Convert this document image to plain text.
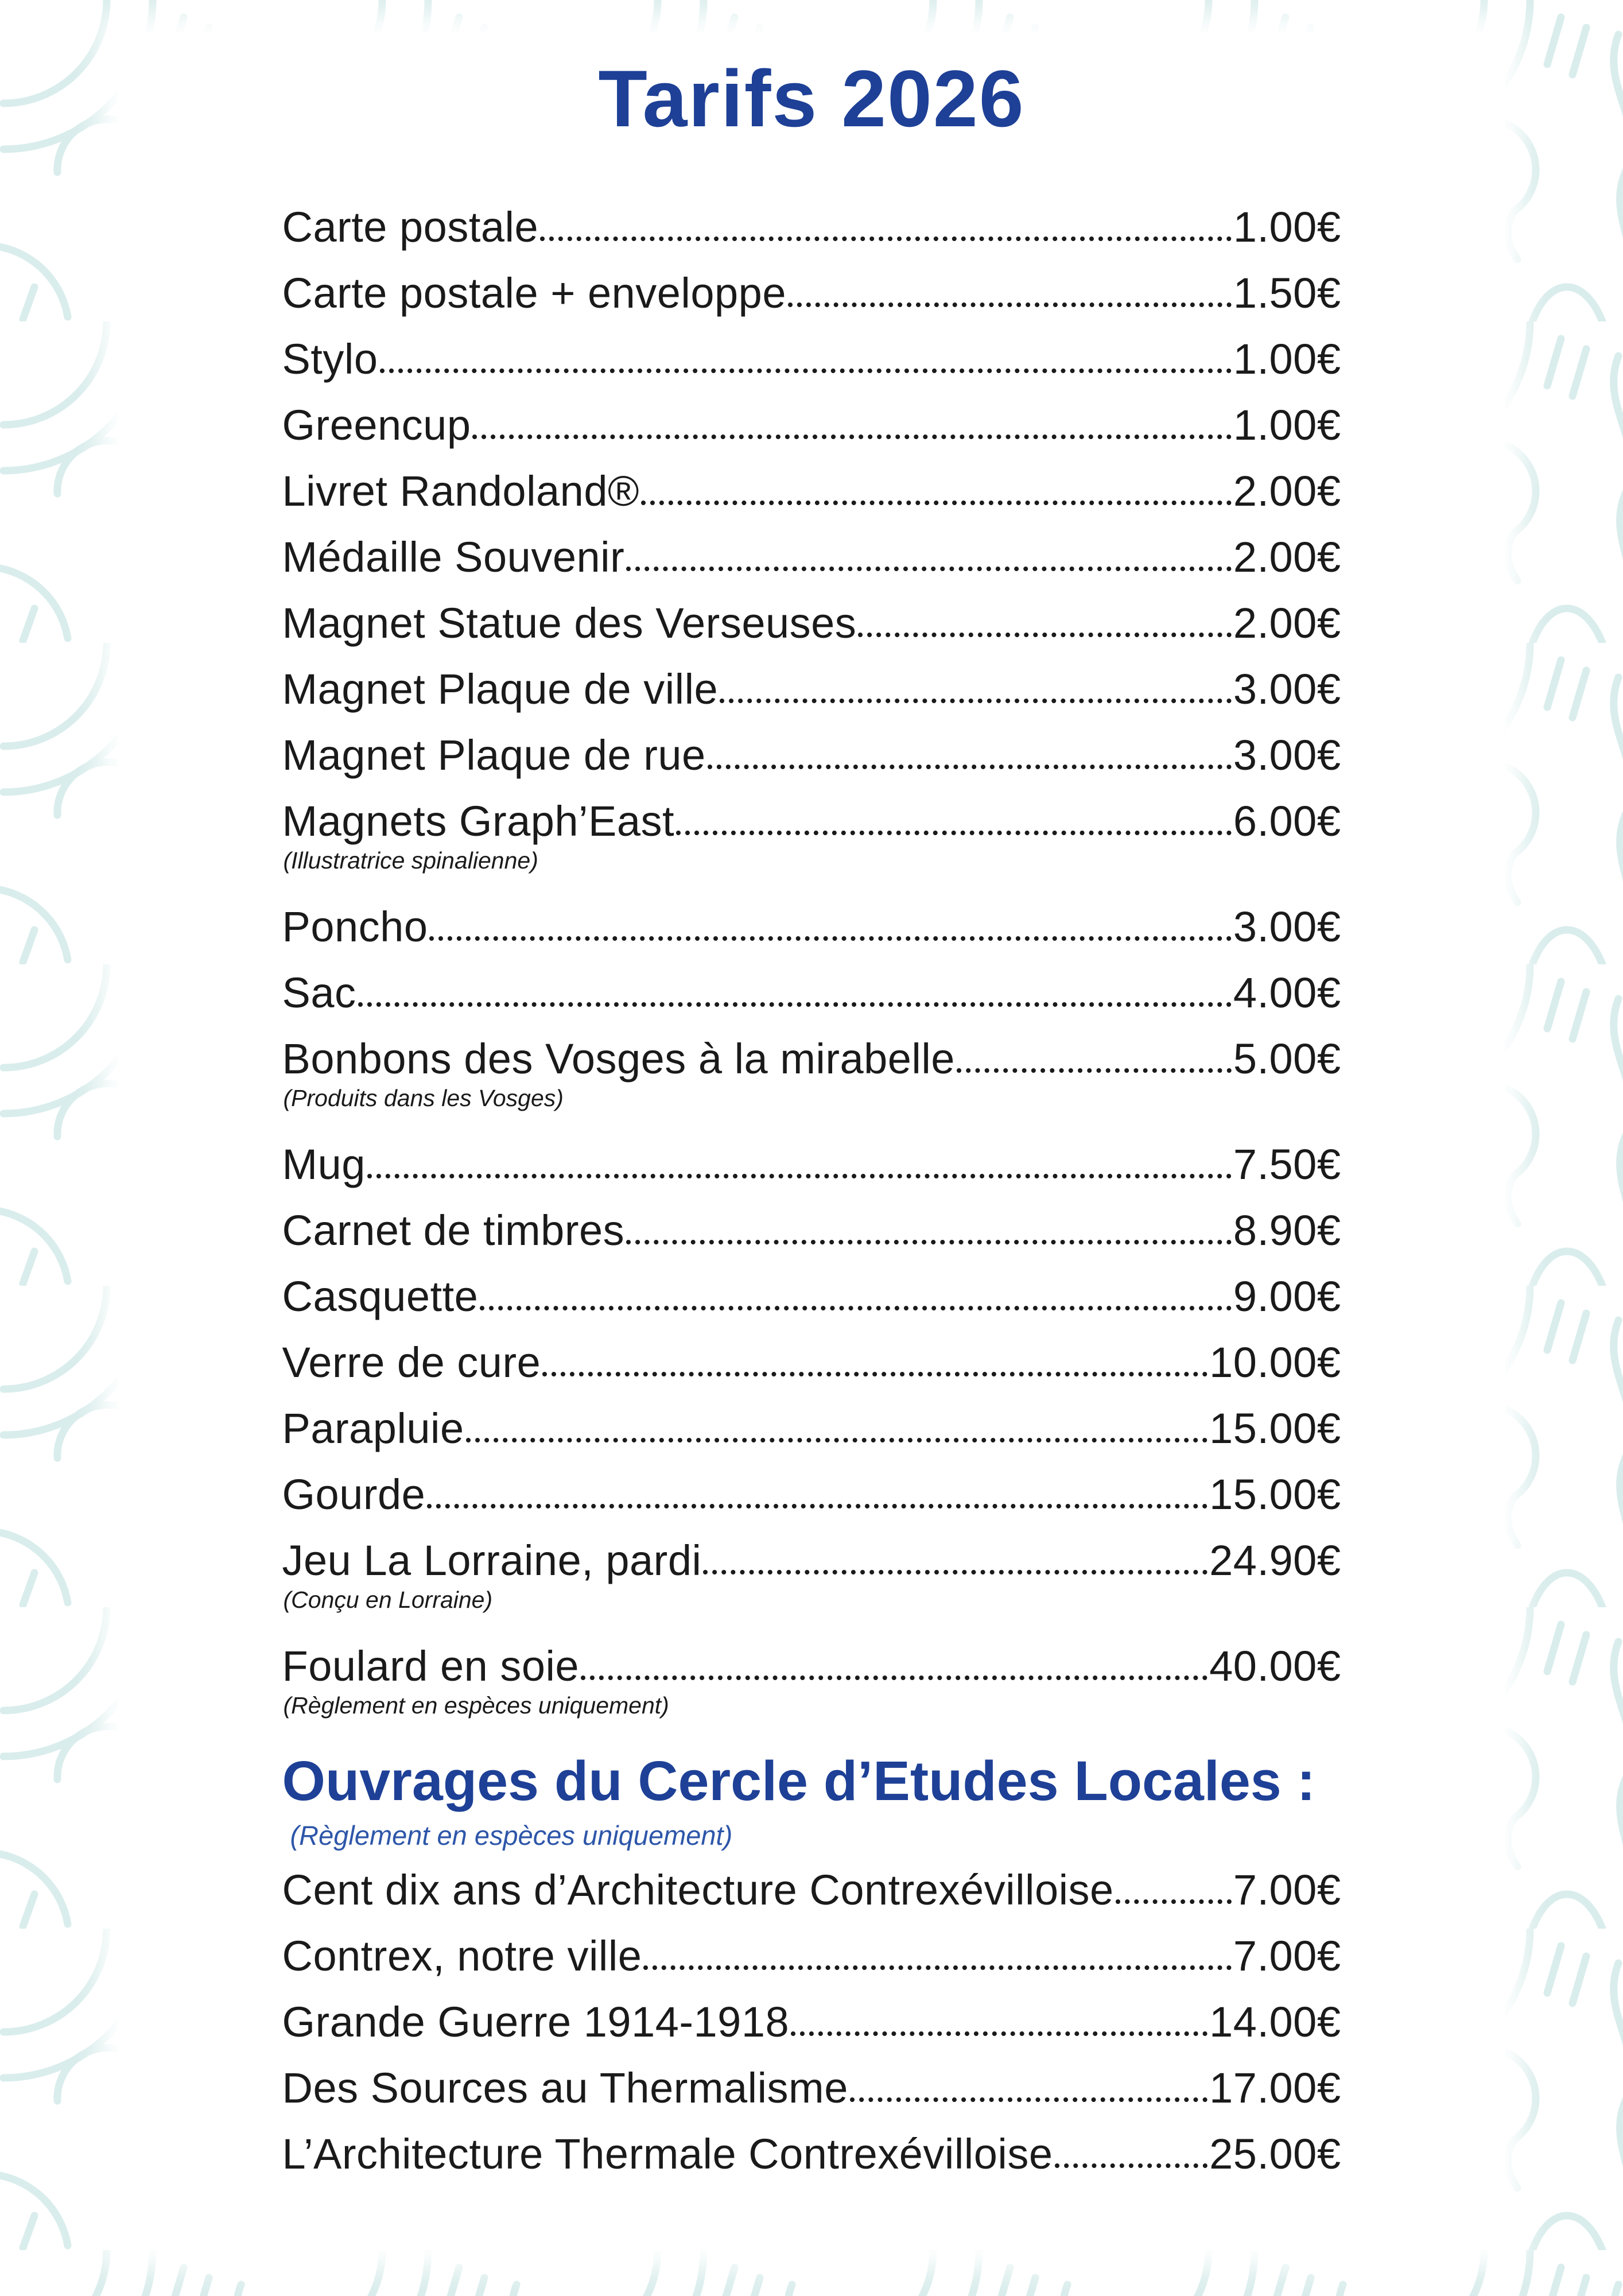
Tarifs 2026
Carte postale	1.00€
Carte postale + enveloppe	1.50€
Stylo	1.00€
Greencup	1.00€
Livret Randoland®	2.00€
Médaille Souvenir	2.00€
Magnet Statue des Verseuses	2.00€
Magnet Plaque de ville	3.00€
Magnet Plaque de rue	3.00€
Magnets Graph’East	6.00€
(Illustratrice spinalienne)
Poncho	3.00€
Sac	4.00€
Bonbons des Vosges à la mirabelle	5.00€
(Produits dans les Vosges)
Mug	7.50€
Carnet de timbres	8.90€
Casquette	9.00€
Verre de cure	10.00€
Parapluie	15.00€
Gourde	15.00€
Jeu La Lorraine, pardi	24.90€
(Conçu en Lorraine)
Foulard en soie	40.00€
(Règlement en espèces uniquement)
Ouvrages du Cercle d’Etudes Locales :
(Règlement en espèces uniquement)
Cent dix ans d’Architecture Contrexévilloise	7.00€
Contrex, notre ville	7.00€
Grande Guerre 1914-1918	14.00€
Des Sources au Thermalisme	17.00€
L’Architecture Thermale Contrexévilloise	25.00€
